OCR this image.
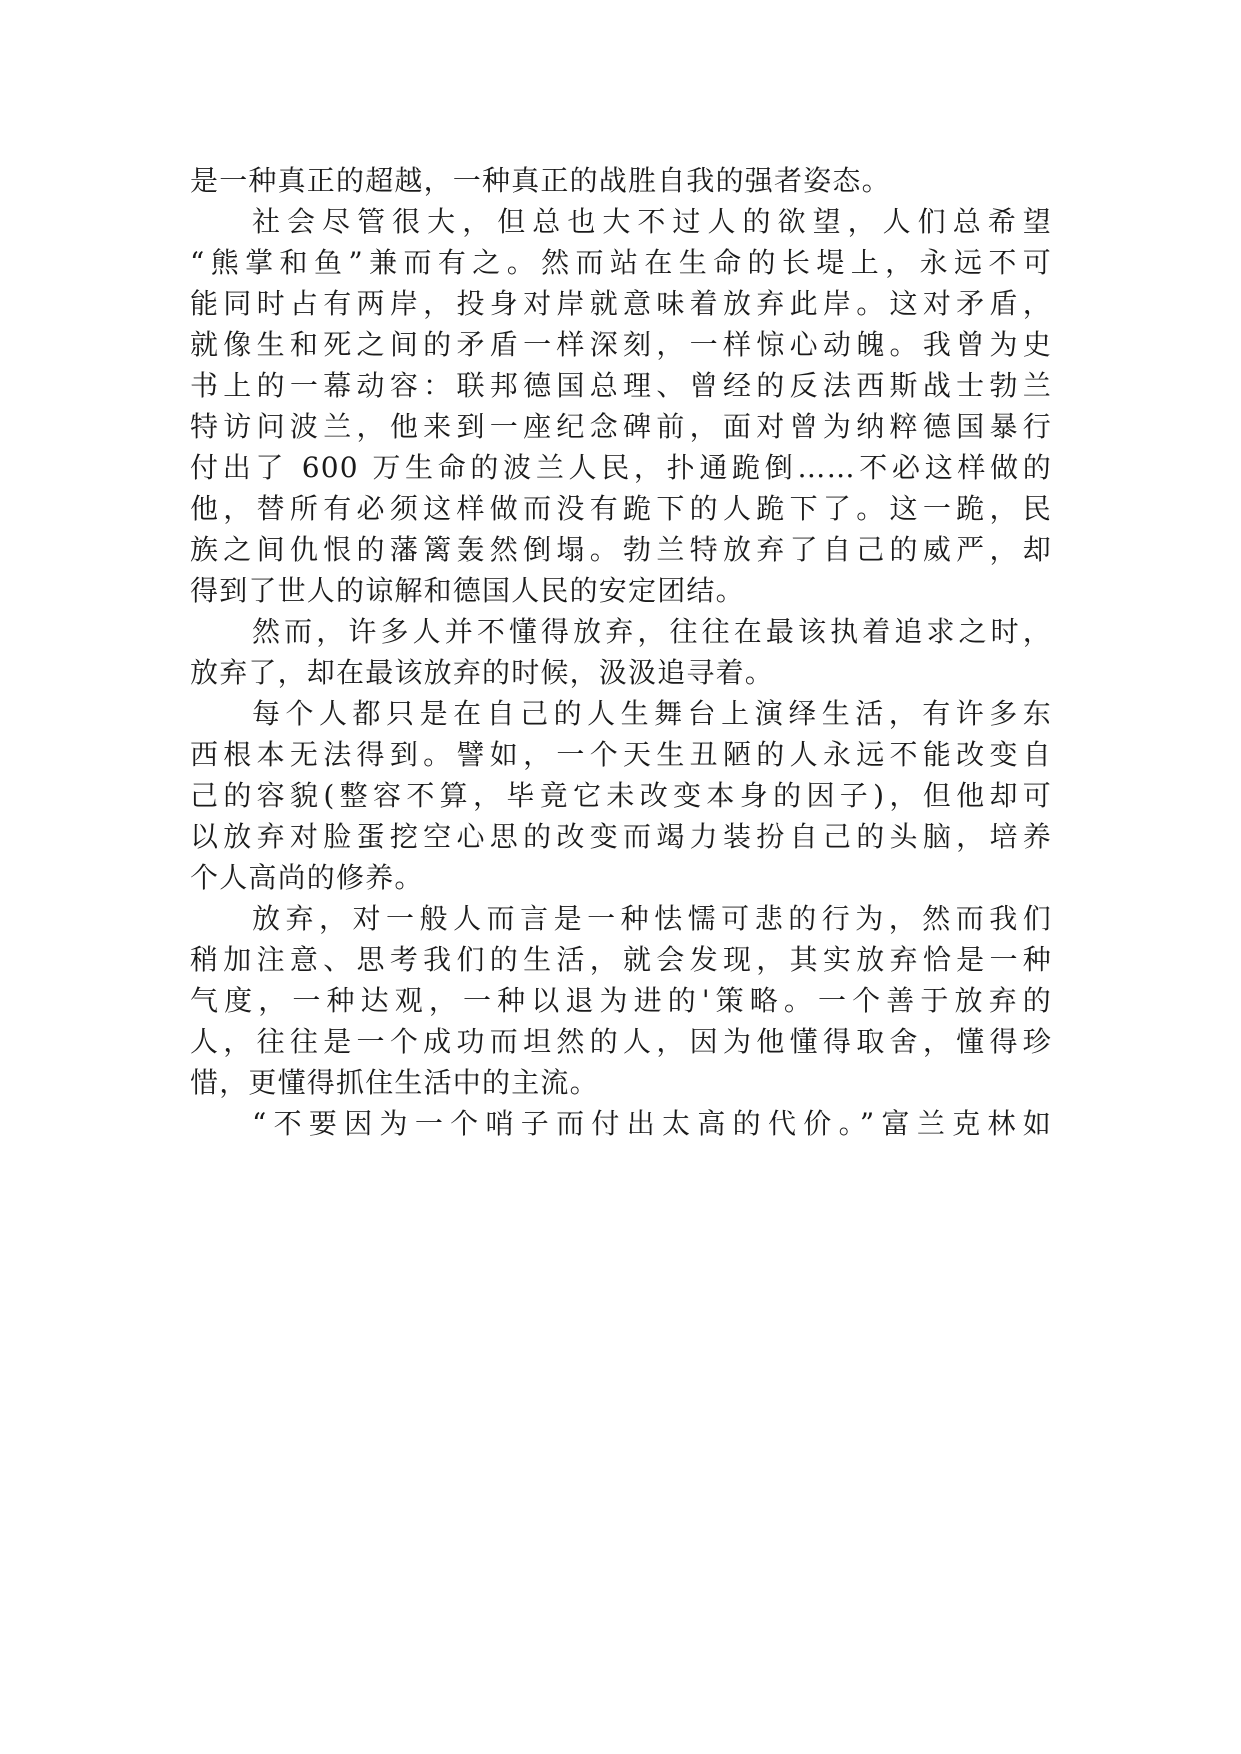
是一种真正的超越，一种真正的战胜自我的强者姿态。
社会尽管很大，但总也大不过人的欲望，人们总希望
“熊掌和鱼”兼而有之。然而站在生命的长堤上，永远不可
能同时占有两岸，投身对岸就意味着放弃此岸。这对矛盾，
就像生和死之间的矛盾一样深刻，一样惊心动魄。我曾为史
书上的一幕动容：联邦德国总理、曾经的反法西斯战士勃兰
特访问波兰，他来到一座纪念碑前，面对曾为纳粹德国暴行
付出了 600 万生命的波兰人民，扑通跪倒……不必这样做的
他，替所有必须这样做而没有跪下的人跪下了。这一跪，民
族之间仇恨的藩篱轰然倒塌。勃兰特放弃了自己的威严，却
得到了世人的谅解和德国人民的安定团结。
然而，许多人并不懂得放弃，往往在最该执着追求之时，
放弃了，却在最该放弃的时候，汲汲追寻着。
每个人都只是在自己的人生舞台上演绎生活，有许多东
西根本无法得到。譬如，一个天生丑陋的人永远不能改变自
己的容貌(整容不算，毕竟它未改变本身的因子)，但他却可
以放弃对脸蛋挖空心思的改变而竭力装扮自己的头脑，培养
个人高尚的修养。
放弃，对一般人而言是一种怯懦可悲的行为，然而我们
稍加注意、思考我们的生活，就会发现，其实放弃恰是一种
气度，一种达观，一种以退为进的'策略。一个善于放弃的
人，往往是一个成功而坦然的人，因为他懂得取舍，懂得珍
惜，更懂得抓住生活中的主流。
“不要因为一个哨子而付出太高的代价。”富兰克林如
